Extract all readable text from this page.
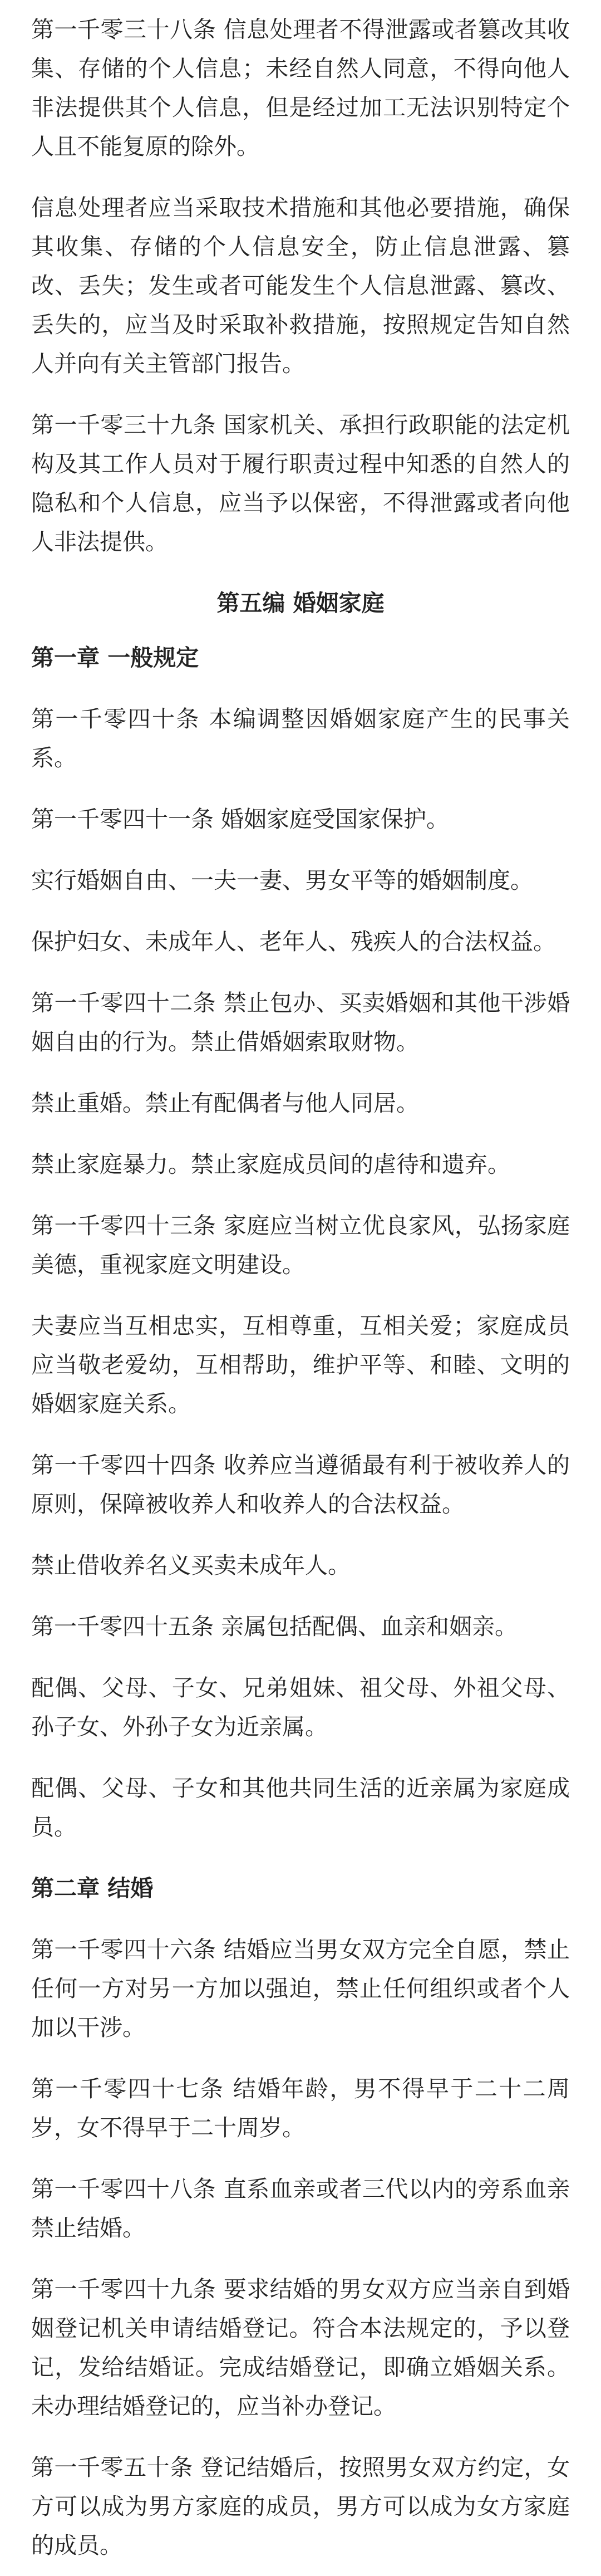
第一千零三十八条 信息处理者不得泄露或者篡改其收集、存储的个人信息；未经自然人同意，不得向他人非法提供其个人信息，但是经过加工无法识别特定个人且不能复原的除外。

信息处理者应当采取技术措施和其他必要措施，确保其收集、存储的个人信息安全，防止信息泄露、篡改、丢失；发生或者可能发生个人信息泄露、篡改、丢失的，应当及时采取补救措施，按照规定告知自然人并向有关主管部门报告。

第一千零三十九条 国家机关、承担行政职能的法定机构及其工作人员对于履行职责过程中知悉的自然人的隐私和个人信息，应当予以保密，不得泄露或者向他人非法提供。

第五编 婚姻家庭
第一章 一般规定

第一千零四十条 本编调整因婚姻家庭产生的民事关系。

第一千零四十一条 婚姻家庭受国家保护。

实行婚姻自由、一夫一妻、男女平等的婚姻制度。

保护妇女、未成年人、老年人、残疾人的合法权益。

第一千零四十二条 禁止包办、买卖婚姻和其他干涉婚姻自由的行为。禁止借婚姻索取财物。

禁止重婚。禁止有配偶者与他人同居。

禁止家庭暴力。禁止家庭成员间的虐待和遗弃。

第一千零四十三条 家庭应当树立优良家风，弘扬家庭美德，重视家庭文明建设。

夫妻应当互相忠实，互相尊重，互相关爱；家庭成员应当敬老爱幼，互相帮助，维护平等、和睦、文明的婚姻家庭关系。

第一千零四十四条 收养应当遵循最有利于被收养人的原则，保障被收养人和收养人的合法权益。

禁止借收养名义买卖未成年人。

第一千零四十五条 亲属包括配偶、血亲和姻亲。

配偶、父母、子女、兄弟姐妹、祖父母、外祖父母、孙子女、外孙子女为近亲属。

配偶、父母、子女和其他共同生活的近亲属为家庭成员。

第二章 结婚

第一千零四十六条 结婚应当男女双方完全自愿，禁止任何一方对另一方加以强迫，禁止任何组织或者个人加以干涉。

第一千零四十七条 结婚年龄，男不得早于二十二周岁，女不得早于二十周岁。

第一千零四十八条 直系血亲或者三代以内的旁系血亲禁止结婚。

第一千零四十九条 要求结婚的男女双方应当亲自到婚姻登记机关申请结婚登记。符合本法规定的，予以登记，发给结婚证。完成结婚登记，即确立婚姻关系。未办理结婚登记的，应当补办登记。

第一千零五十条 登记结婚后，按照男女双方约定，女方可以成为男方家庭的成员，男方可以成为女方家庭的成员。
